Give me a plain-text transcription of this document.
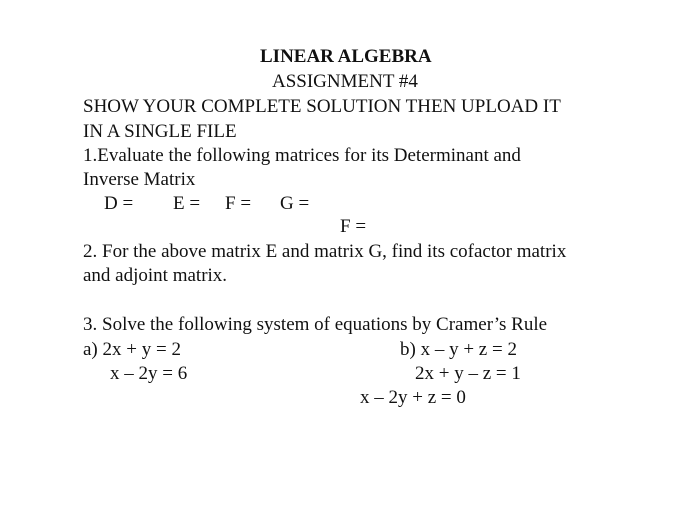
LINEAR ALGEBRA
ASSIGNMENT #4
SHOW YOUR COMPLETE SOLUTION THEN UPLOAD IT
IN A SINGLE FILE
1.Evaluate the following matrices for its Determinant and
Inverse Matrix
D = E = F = G =
F =
2. For the above matrix E and matrix G, find its cofactor matrix
and adjoint matrix.
3. Solve the following system of equations by Cramer’s Rule
a) 2x + y = 2
x – 2y = 6
b) x – y + z = 2
2x + y – z = 1
x – 2y + z = 0
